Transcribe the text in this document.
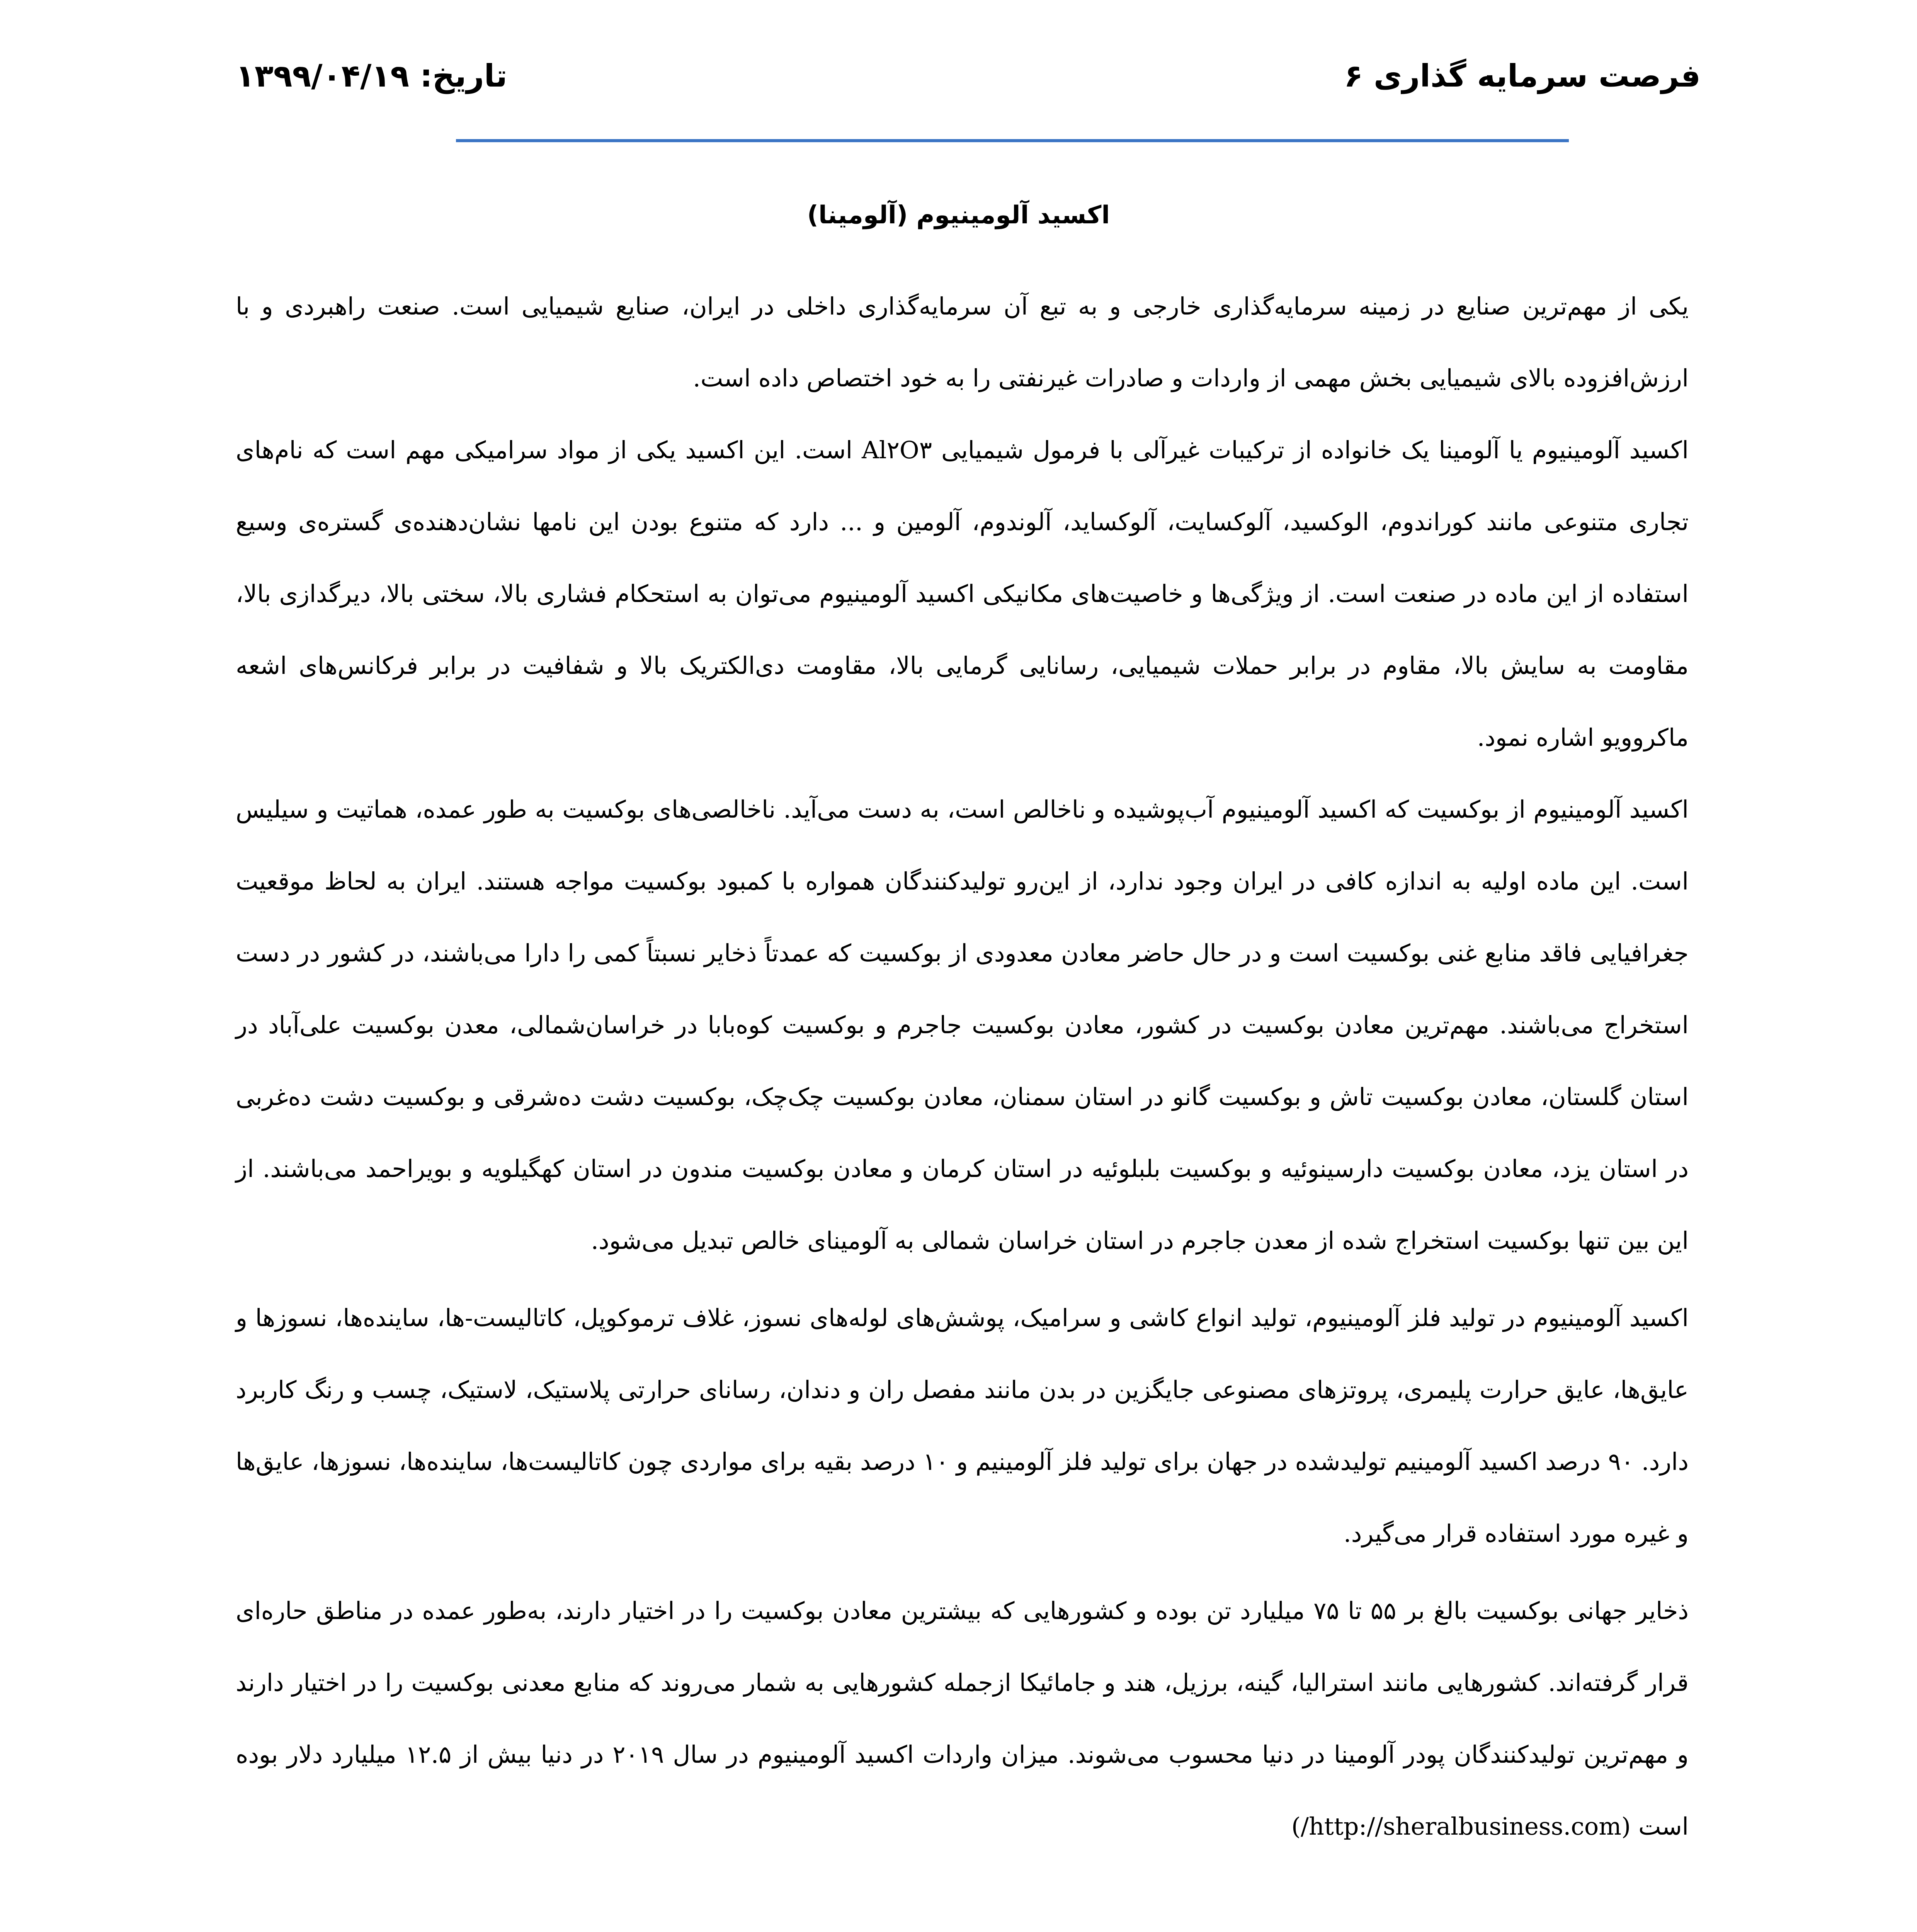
فرصت سرمایه گذاری ۶
تاریخ: ۱۳۹۹/۰۴/۱۹
اکسید آلومینیوم (آلومینا)

یکی از مهم‌ترین صنایع در زمینه سرمایه‌گذاری خارجی و به تبع آن سرمایه‌گذاری داخلی در ایران، صنایع شیمیایی است. صنعت راهبردی و با ارزش‌افزوده بالای شیمیایی بخش مهمی از واردات و صادرات غیرنفتی را به خود اختصاص داده است.

اکسید آلومینیوم یا آلومینا یک خانواده از ترکیبات غیرآلی با فرمول شیمیایی Al۲O۳ است. این اکسید یکی از مواد سرامیکی مهم است که نام‌های تجاری متنوعی مانند کوراندوم، الوکسید، آلوکسایت، آلوکساید، آلوندوم، آلومین و ... دارد که متنوع بودن این نامها نشان‌دهنده‌ی گستره‌ی وسیع استفاده از این ماده در صنعت است. از ویژگی‌ها و خاصیت‌های مکانیکی اکسید آلومینیوم می‌توان به استحکام فشاری بالا، سختی بالا، دیرگدازی بالا، مقاومت به سایش بالا، مقاوم در برابر حملات شیمیایی، رسانایی گرمایی بالا، مقاومت دی‌الکتریک بالا و شفافیت در برابر فرکانس‌های اشعه ماکروویو اشاره نمود.

اکسید آلومینیوم از بوکسیت که اکسید آلومینیوم آب‌پوشیده و ناخالص است، به دست می‌آید. ناخالصی‌های بوکسیت به طور عمده، هماتیت و سیلیس است. این ماده اولیه به اندازه کافی در ایران وجود ندارد، از این‌رو تولیدکنندگان همواره با کمبود بوکسیت مواجه هستند. ایران به لحاظ موقعیت جغرافیایی فاقد منابع غنی بوکسیت است و در حال حاضر معادن معدودی از بوکسیت که عمدتاً ذخایر نسبتاً کمی را دارا می‌باشند، در کشور در دست استخراج می‌باشند. مهم‌ترین معادن بوکسیت در کشور، معادن بوکسیت جاجرم و بوکسیت کوه‌بابا در خراسان‌شمالی، معدن بوکسیت علی‌آباد در استان گلستان، معادن بوکسیت تاش و بوکسیت گانو در استان سمنان، معادن بوکسیت چک‌چک، بوکسیت دشت ده‌شرقی و بوکسیت دشت ده‌غربی در استان یزد، معادن بوکسیت دارسینوئیه و بوکسیت بلبلوئیه در استان کرمان و معادن بوکسیت مندون در استان کهگیلویه و بویراحمد می‌باشند. از این بین تنها بوکسیت استخراج شده از معدن جاجرم در استان خراسان شمالی به آلومینای خالص تبدیل می‌شود.

اکسید آلومینیوم در تولید فلز آلومینیوم، تولید انواع کاشی و سرامیک، پوشش‌های لوله‌های نسوز، غلاف ترموکوپل، کاتالیست-ها، ساینده‌ها، نسوزها و عایق‌ها، عایق حرارت پلیمری، پروتزهای مصنوعی جایگزین در بدن مانند مفصل ران و دندان، رسانای حرارتی پلاستیک، لاستیک، چسب و رنگ کاربرد دارد. ۹۰ درصد اکسید آلومینیم تولیدشده در جهان برای تولید فلز آلومینیم و ۱۰ درصد بقیه برای مواردی چون کاتالیست‌ها، ساینده‌ها، نسوزها، عایق‌ها و غیره مورد استفاده قرار می‌گیرد.

ذخایر جهانی بوکسیت بالغ بر ۵۵ تا ۷۵ میلیارد تن بوده و کشورهایی که بیشترین معادن بوکسیت را در اختیار دارند، به‌طور عمده در مناطق حاره‌ای قرار گرفته‌اند. کشورهایی مانند استرالیا، گینه، برزیل، هند و جامائیکا ازجمله کشورهایی به شمار می‌روند که منابع معدنی بوکسیت را در اختیار دارند و مهم‌ترین تولیدکنندگان پودر آلومینا در دنیا محسوب می‌شوند. میزان واردات اکسید آلومینیوم در سال ۲۰۱۹ در دنیا بیش از ۱۲.۵ میلیارد دلار بوده است (http://sheralbusiness.com/)
